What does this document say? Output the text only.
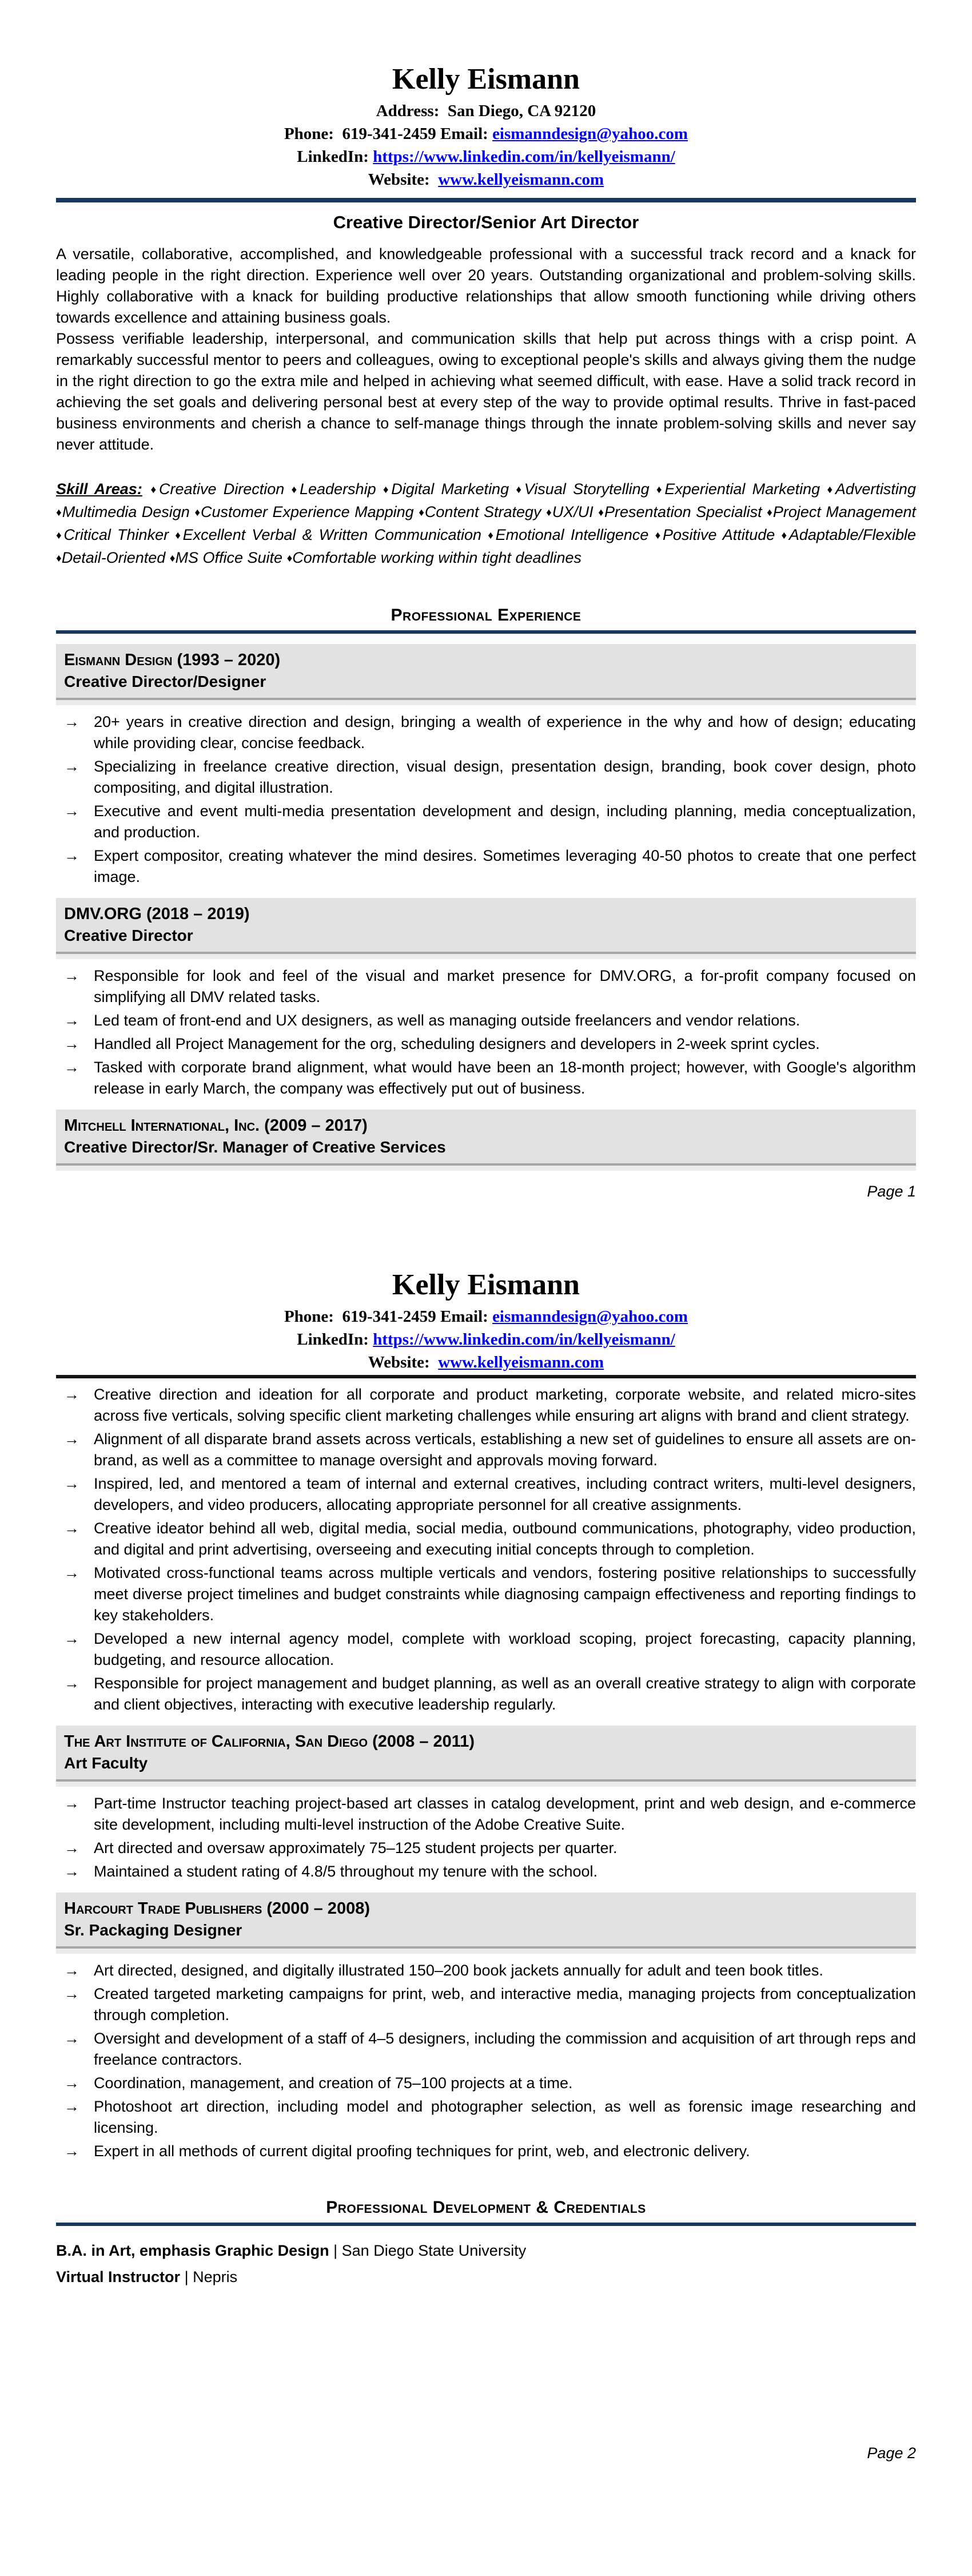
Kelly Eismann
Address: San Diego, CA 92120
Phone: 619-341-2459 Email: eismanndesign@yahoo.com
LinkedIn: https://www.linkedin.com/in/kellyeismann/
Website: www.kellyeismann.com
Creative Director/Senior Art Director

A versatile, collaborative, accomplished, and knowledgeable professional with a successful track record and a knack for leading people in the right direction. Experience well over 20 years. Outstanding organizational and problem-solving skills. Highly collaborative with a knack for building productive relationships that allow smooth functioning while driving others towards excellence and attaining business goals.

Possess verifiable leadership, interpersonal, and communication skills that help put across things with a crisp point. A remarkably successful mentor to peers and colleagues, owing to exceptional people's skills and always giving them the nudge in the right direction to go the extra mile and helped in achieving what seemed difficult, with ease. Have a solid track record in achieving the set goals and delivering personal best at every step of the way to provide optimal results. Thrive in fast-paced business environments and cherish a chance to self-manage things through the innate problem-solving skills and never say never attitude.

Skill Areas: ♦Creative Direction ♦Leadership ♦Digital Marketing ♦Visual Storytelling ♦Experiential Marketing ♦Advertisting ♦Multimedia Design ♦Customer Experience Mapping ♦Content Strategy ♦UX/UI ♦Presentation Specialist ♦Project Management ♦Critical Thinker ♦Excellent Verbal & Written Communication ♦Emotional Intelligence ♦Positive Attitude ♦Adaptable/Flexible ♦Detail-Oriented ♦MS Office Suite ♦Comfortable working within tight deadlines

Professional Experience
Eismann Design (1993 – 2020)
Creative Director/Designer
→ 20+ years in creative direction and design, bringing a wealth of experience in the why and how of design; educating while providing clear, concise feedback.
→ Specializing in freelance creative direction, visual design, presentation design, branding, book cover design, photo compositing, and digital illustration.
→ Executive and event multi-media presentation development and design, including planning, media conceptualization, and production.
→ Expert compositor, creating whatever the mind desires. Sometimes leveraging 40-50 photos to create that one perfect image.
DMV.ORG (2018 – 2019)
Creative Director
→ Responsible for look and feel of the visual and market presence for DMV.ORG, a for-profit company focused on simplifying all DMV related tasks.
→ Led team of front-end and UX designers, as well as managing outside freelancers and vendor relations.
→ Handled all Project Management for the org, scheduling designers and developers in 2-week sprint cycles.
→ Tasked with corporate brand alignment, what would have been an 18-month project; however, with Google's algorithm release in early March, the company was effectively put out of business.
Mitchell International, Inc. (2009 – 2017)
Creative Director/Sr. Manager of Creative Services
Page 1
Kelly Eismann
Phone: 619-341-2459 Email: eismanndesign@yahoo.com
LinkedIn: https://www.linkedin.com/in/kellyeismann/
Website: www.kellyeismann.com
→ Creative direction and ideation for all corporate and product marketing, corporate website, and related micro-sites across five verticals, solving specific client marketing challenges while ensuring art aligns with brand and client strategy.
→ Alignment of all disparate brand assets across verticals, establishing a new set of guidelines to ensure all assets are on-brand, as well as a committee to manage oversight and approvals moving forward.
→ Inspired, led, and mentored a team of internal and external creatives, including contract writers, multi-level designers, developers, and video producers, allocating appropriate personnel for all creative assignments.
→ Creative ideator behind all web, digital media, social media, outbound communications, photography, video production, and digital and print advertising, overseeing and executing initial concepts through to completion.
→ Motivated cross-functional teams across multiple verticals and vendors, fostering positive relationships to successfully meet diverse project timelines and budget constraints while diagnosing campaign effectiveness and reporting findings to key stakeholders.
→ Developed a new internal agency model, complete with workload scoping, project forecasting, capacity planning, budgeting, and resource allocation.
→ Responsible for project management and budget planning, as well as an overall creative strategy to align with corporate and client objectives, interacting with executive leadership regularly.
The Art Institute of California, San Diego (2008 – 2011)
Art Faculty
→ Part-time Instructor teaching project-based art classes in catalog development, print and web design, and e-commerce site development, including multi-level instruction of the Adobe Creative Suite.
→ Art directed and oversaw approximately 75–125 student projects per quarter.
→ Maintained a student rating of 4.8/5 throughout my tenure with the school.
Harcourt Trade Publishers (2000 – 2008)
Sr. Packaging Designer
→ Art directed, designed, and digitally illustrated 150–200 book jackets annually for adult and teen book titles.
→ Created targeted marketing campaigns for print, web, and interactive media, managing projects from conceptualization through completion.
→ Oversight and development of a staff of 4–5 designers, including the commission and acquisition of art through reps and freelance contractors.
→ Coordination, management, and creation of 75–100 projects at a time.
→ Photoshoot art direction, including model and photographer selection, as well as forensic image researching and licensing.
→ Expert in all methods of current digital proofing techniques for print, web, and electronic delivery.
Professional Development & Credentials
B.A. in Art, emphasis Graphic Design | San Diego State University
Virtual Instructor | Nepris
Page 2
